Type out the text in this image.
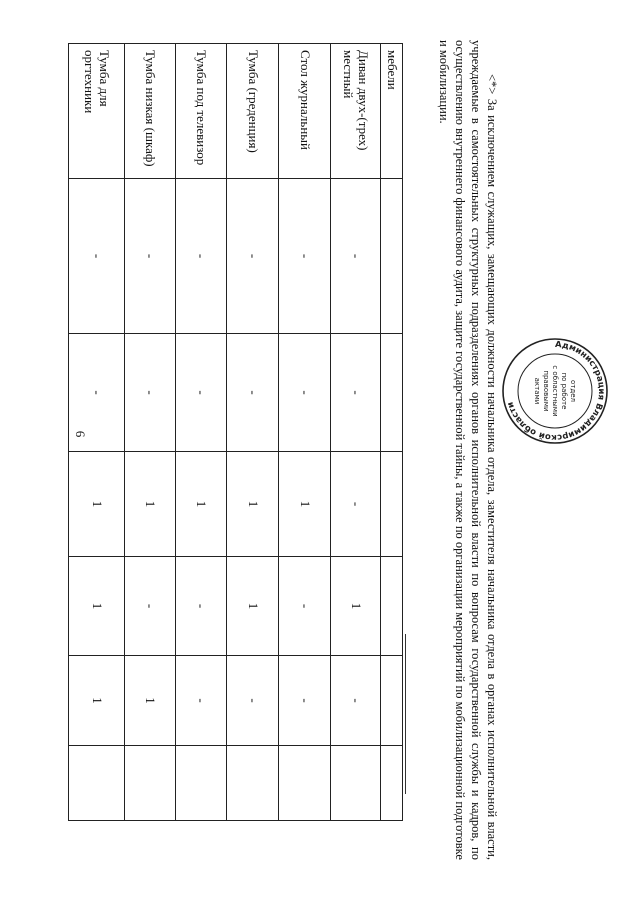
6
мебели						
Диван двух-(трех) местный	-	-	-	1	-	
Стол журнальный	-	-	1	-	-	
Тумба (греденция)	-	-	1	1	-	
Тумба под телевизор	-	-	1	-	-	
Тумба низкая (шкаф)	-	-	1	-	1	
Тумба для оргтехники	-	-	1	1	1		<*> За исключением служащих, замещающих должности начальника отдела, заместителя начальника отдела в органах исполнительной власти, учреждаемые в самостоятельных структурных подразделениях органов исполнительной власти по вопросам государственной службы и кадров, по осуществлению внутреннего финансового аудита, защите государственной тайны, а также по организации мероприятий по мобилизационной подготовке и мобилизации.

Администрация Владимирской области
отдел
по работе
с областными
правовыми
актами
